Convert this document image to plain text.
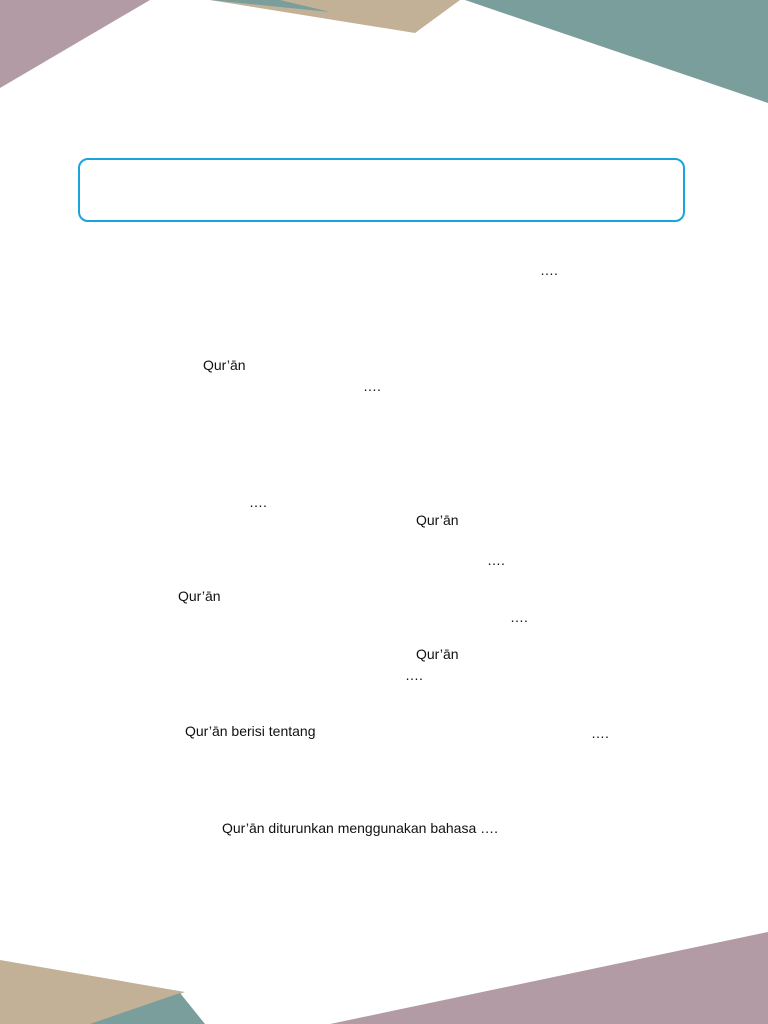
….
Qur’ān
….
….
Qur’ān
….
Qur’ān
….
Qur’ān
….
Qur’ān berisi tentang	….
Qur’ān diturunkan menggunakan bahasa ….
